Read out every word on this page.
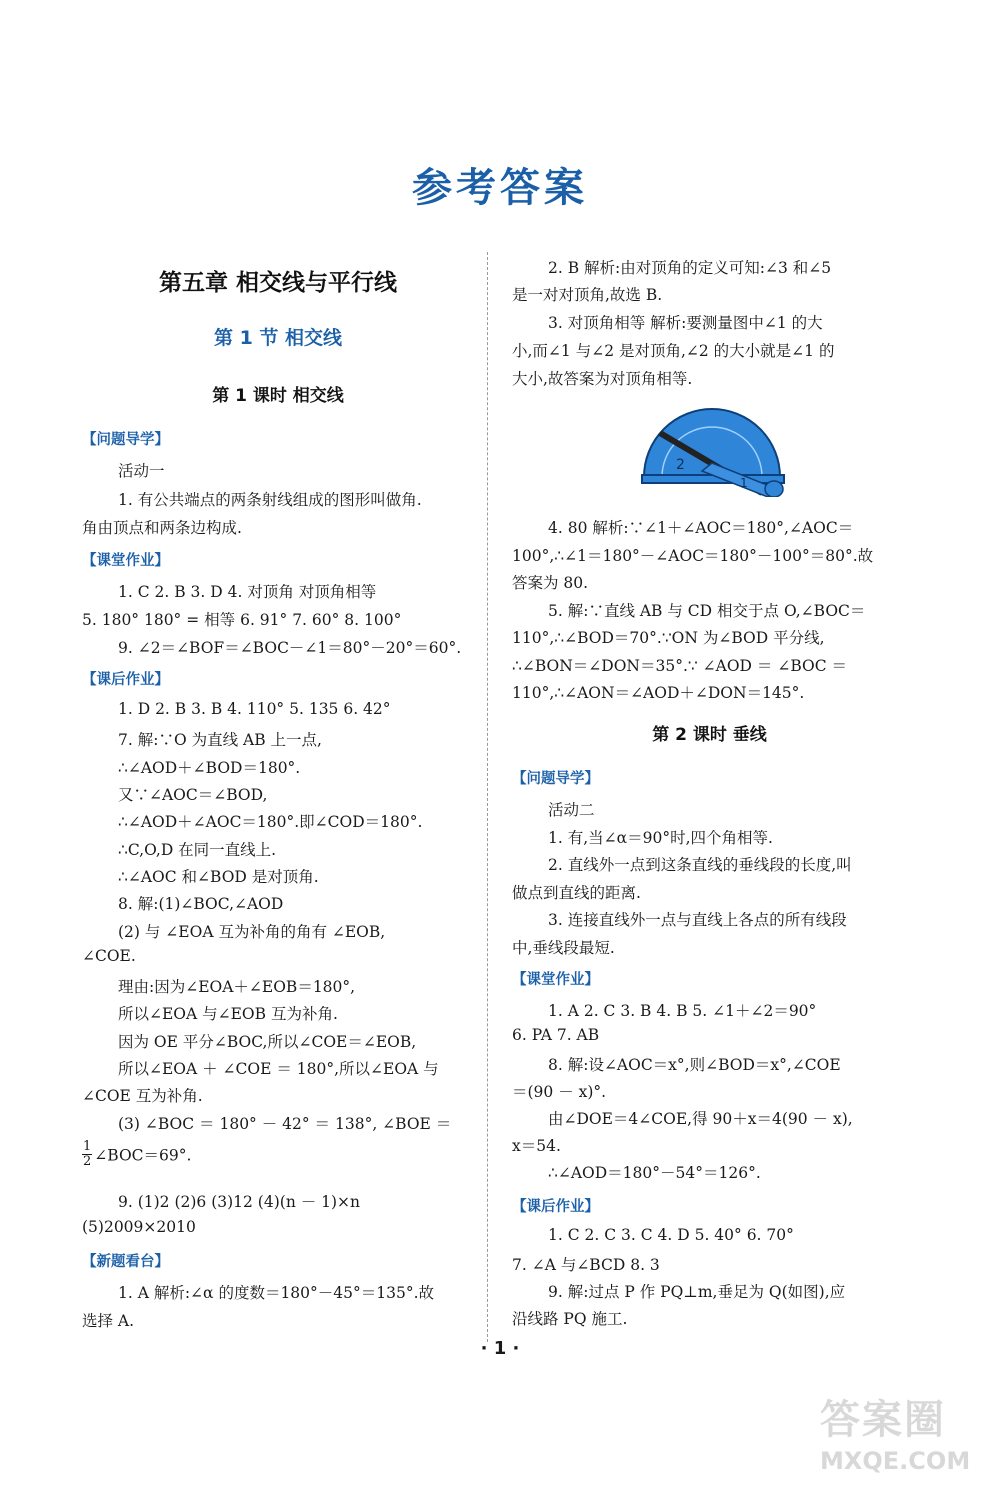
参考答案
第五章 相交线与平行线
第 1 节 相交线
第 1 课时 相交线
【问题导学】
活动一
1. 有公共端点的两条射线组成的图形叫做角.
角由顶点和两条边构成.
【课堂作业】
1. C 2. B 3. D 4. 对顶角 对顶角相等
5. 180° 180° = 相等 6. 91° 7. 60° 8. 100°
9. ∠2＝∠BOF＝∠BOC－∠1＝80°－20°＝60°.
【课后作业】
1. D 2. B 3. B 4. 110° 5. 135 6. 42°
7. 解:∵O 为直线 AB 上一点,
∴∠AOD＋∠BOD＝180°.
又∵∠AOC＝∠BOD,
∴∠AOD＋∠AOC＝180°.即∠COD＝180°.
∴C,O,D 在同一直线上.
∴∠AOC 和∠BOD 是对顶角.
8. 解:(1)∠BOC,∠AOD
(2) 与 ∠EOA 互为补角的角有 ∠EOB,
∠COE.
理由:因为∠EOA＋∠EOB＝180°,
所以∠EOA 与∠EOB 互为补角.
因为 OE 平分∠BOC,所以∠COE＝∠EOB,
所以∠EOA ＋ ∠COE ＝ 180°,所以∠EOA 与
∠COE 互为补角.
(3) ∠BOC ＝ 180° － 42° ＝ 138°, ∠BOE ＝
$\frac{1}{2}$ ∠BOC＝69°.
9. (1)2 (2)6 (3)12 (4)(n － 1)×n
(5)2009×2010
【新题看台】
1. A 解析:∠α 的度数＝180°－45°＝135°.故
选择 A.
2. B 解析:由对顶角的定义可知:∠3 和∠5
是一对对顶角,故选 B.
3. 对顶角相等 解析:要测量图中∠1 的大
小,而∠1 与∠2 是对顶角,∠2 的大小就是∠1 的
大小,故答案为对顶角相等.
2
1
4. 80 解析:∵∠1＋∠AOC＝180°,∠AOC＝
100°,∴∠1＝180°－∠AOC＝180°－100°＝80°.故
答案为 80.
5. 解:∵直线 AB 与 CD 相交于点 O,∠BOC＝
110°,∴∠BOD＝70°.∵ON 为∠BOD 平分线,
∴∠BON＝∠DON＝35°.∵ ∠AOD ＝ ∠BOC ＝
110°,∴∠AON＝∠AOD＋∠DON＝145°.
第 2 课时 垂线
【问题导学】
活动二
1. 有,当∠α＝90°时,四个角相等.
2. 直线外一点到这条直线的垂线段的长度,叫
做点到直线的距离.
3. 连接直线外一点与直线上各点的所有线段
中,垂线段最短.
【课堂作业】
1. A 2. C 3. B 4. B 5. ∠1＋∠2＝90°
6. PA 7. AB
8. 解:设∠AOC＝x°,则∠BOD＝x°,∠COE
＝(90 － x)°.
由∠DOE＝4∠COE,得 90＋x＝4(90 － x),
x＝54.
∴∠AOD＝180°－54°＝126°.
【课后作业】
1. C 2. C 3. C 4. D 5. 40° 6. 70°
7. ∠A 与∠BCD 8. 3
9. 解:过点 P 作 PQ⊥m,垂足为 Q(如图),应
沿线路 PQ 施工.
· 1 ·
答案圈
MXQE.COM
